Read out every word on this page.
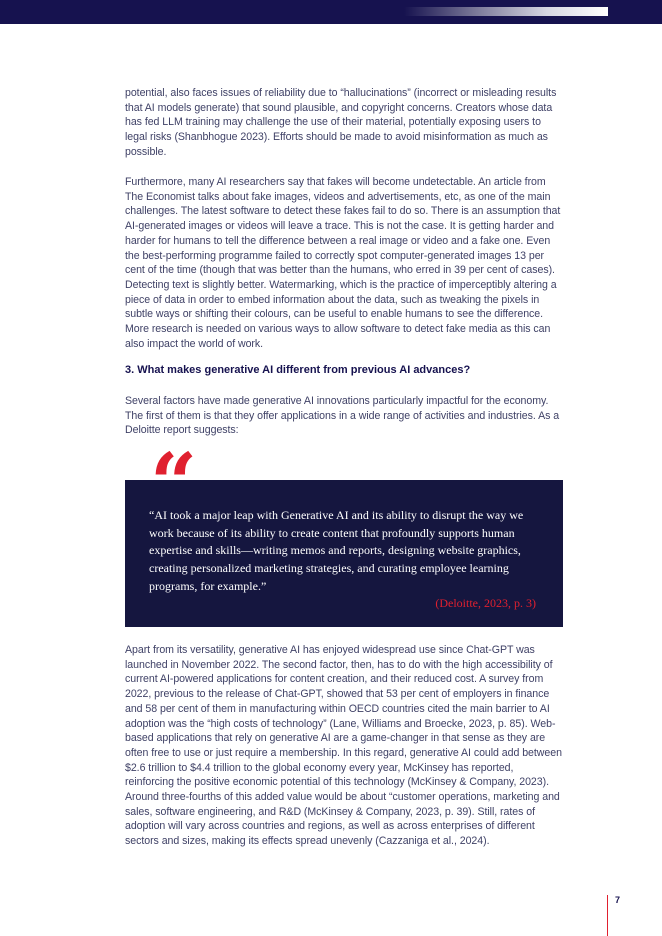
potential, also faces issues of reliability due to “hallucinations” (incorrect or misleading results that AI models generate) that sound plausible, and copyright concerns. Creators whose data has fed LLM training may challenge the use of their material, potentially exposing users to legal risks (Shanbhogue 2023). Efforts should be made to avoid misinformation as much as possible.

Furthermore, many AI researchers say that fakes will become undetectable. An article from The Economist talks about fake images, videos and advertisements, etc, as one of the main challenges. The latest software to detect these fakes fail to do so. There is an assumption that AI-generated images or videos will leave a trace. This is not the case. It is getting harder and harder for humans to tell the difference between a real image or video and a fake one. Even the best-performing programme failed to correctly spot computer-generated images 13 per cent of the time (though that was better than the humans, who erred in 39 per cent of cases). Detecting text is slightly better. Watermarking, which is the practice of imperceptibly altering a piece of data in order to embed information about the data, such as tweaking the pixels in subtle ways or shifting their colours, can be useful to enable humans to see the difference. More research is needed on various ways to allow software to detect fake media as this can also impact the world of work.

3. What makes generative AI different from previous AI advances?

Several factors have made generative AI innovations particularly impactful for the economy. The first of them is that they offer applications in a wide range of activities and industries. As a Deloitte report suggests:

“AI took a major leap with Generative AI and its ability to disrupt the way we work because of its ability to create content that profoundly supports human expertise and skills—writing memos and reports, designing website graphics, creating personalized marketing strategies, and curating employee learning programs, for example.”

(Deloitte, 2023, p. 3)

“

Apart from its versatility, generative AI has enjoyed widespread use since Chat-GPT was launched in November 2022. The second factor, then, has to do with the high accessibility of current AI-powered applications for content creation, and their reduced cost. A survey from 2022, previous to the release of Chat-GPT, showed that 53 per cent of employers in finance and 58 per cent of them in manufacturing within OECD countries cited the main barrier to AI adoption was the “high costs of technology” (Lane, Williams and Broecke, 2023, p. 85). Web-based applications that rely on generative AI are a game-changer in that sense as they are often free to use or just require a membership. In this regard, generative AI could add between $2.6 trillion to $4.4 trillion to the global economy every year, McKinsey has reported, reinforcing the positive economic potential of this technology (McKinsey & Company, 2023). Around three-fourths of this added value would be about “customer operations, marketing and sales, software engineering, and R&D (McKinsey & Company, 2023, p. 39). Still, rates of adoption will vary across countries and regions, as well as across enterprises of different sectors and sizes, making its effects spread unevenly (Cazzaniga et al., 2024).

7
